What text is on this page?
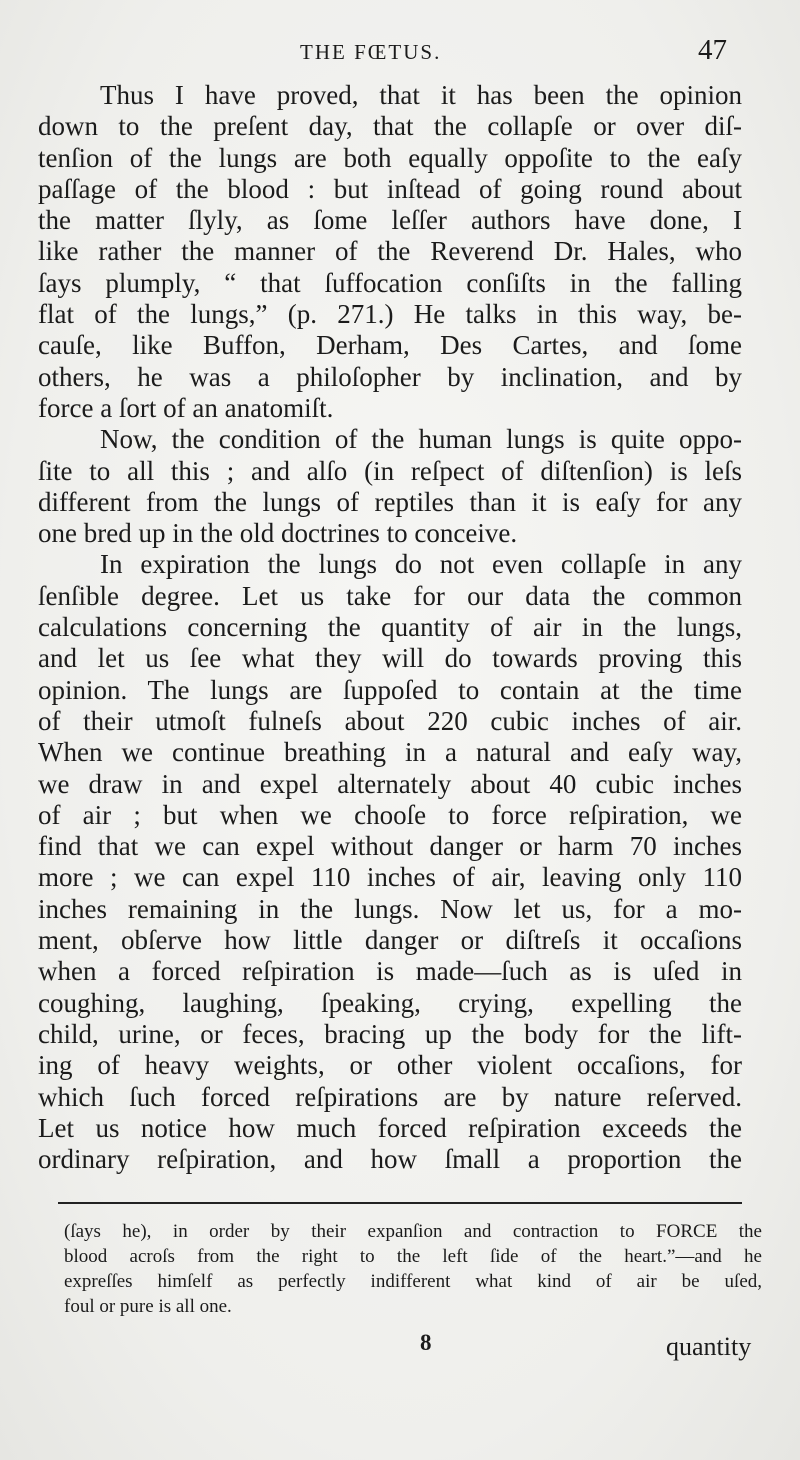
THE FŒTUS.	47
Thus I have proved, that it has been the opinion
down to the preſent day, that the collapſe or over diſ-
tenſion of the lungs are both equally oppoſite to the eaſy
paſſage of the blood : but inſtead of going round about
the matter ſlyly, as ſome leſſer authors have done, I
like rather the manner of the Reverend Dr. Hales, who
ſays plumply, “ that ſuffocation conſiſts in the falling
flat of the lungs,” (p. 271.) He talks in this way, be-
cauſe, like Buffon, Derham, Des Cartes, and ſome
others, he was a philoſopher by inclination, and by
force a ſort of an anatomiſt.
Now, the condition of the human lungs is quite oppo-
ſite to all this ; and alſo (in reſpect of diſtenſion) is leſs
different from the lungs of reptiles than it is eaſy for any
one bred up in the old doctrines to conceive.
In expiration the lungs do not even collapſe in any
ſenſible degree. Let us take for our data the common
calculations concerning the quantity of air in the lungs,
and let us ſee what they will do towards proving this
opinion. The lungs are ſuppoſed to contain at the time
of their utmoſt fulneſs about 220 cubic inches of air.
When we continue breathing in a natural and eaſy way,
we draw in and expel alternately about 40 cubic inches
of air ; but when we chooſe to force reſpiration, we
find that we can expel without danger or harm 70 inches
more ; we can expel 110 inches of air, leaving only 110
inches remaining in the lungs. Now let us, for a mo-
ment, obſerve how little danger or diſtreſs it occaſions
when a forced reſpiration is made—ſuch as is uſed in
coughing, laughing, ſpeaking, crying, expelling the
child, urine, or feces, bracing up the body for the lift-
ing of heavy weights, or other violent occaſions, for
which ſuch forced reſpirations are by nature reſerved.
Let us notice how much forced reſpiration exceeds the
ordinary reſpiration, and how ſmall a proportion the
(ſays he), in order by their expanſion and contraction to FORCE the
blood acroſs from the right to the left ſide of the heart.”—and he
expreſſes himſelf as perfectly indifferent what kind of air be uſed,
foul or pure is all one.
8	quantity
